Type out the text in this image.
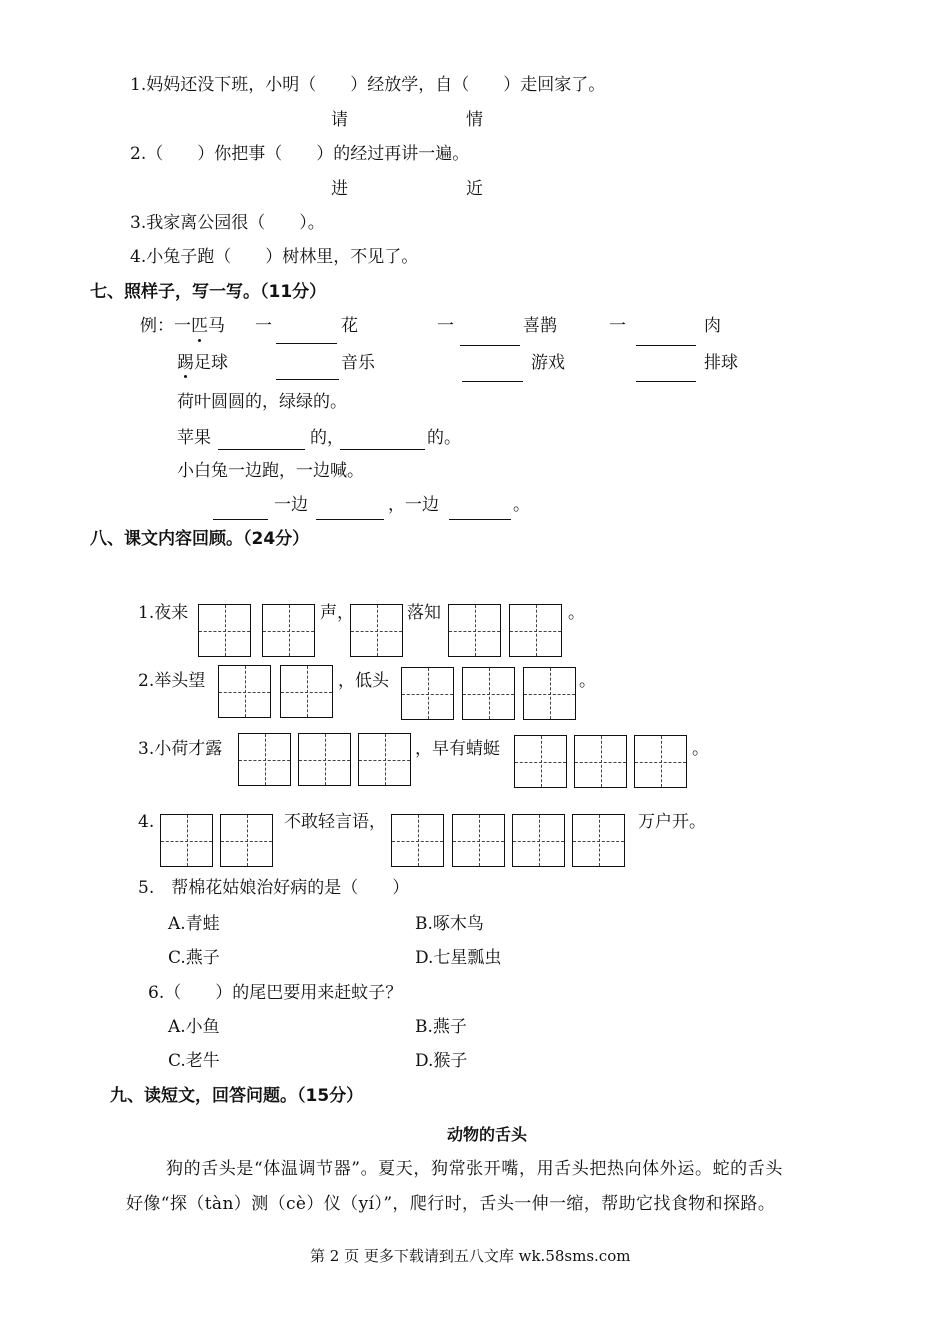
1.妈妈还没下班，小明（　　）经放学，自（　　）走回家了。
请	情
2.（　　）你把事（　　）的经过再讲一遍。
进	近
3.我家离公园很（　　）。
4.小兔子跑（　　）树林里，不见了。
七、照样子，写一写。（11分）
例：一匹马 一	花	一	喜鹊	一	肉
踢足球	音乐	游戏	排球
荷叶圆圆的，绿绿的。
苹果	的，	的。
小白兔一边跑，一边喊。
一边	，一边	。
八、课文内容回顾。（24分）
1.夜来	声，	落知	。
2.举头望	，低头	。
3.小荷才露	，早有蜻蜓	。
4.	不敢轻言语，	万户开。
5.　帮棉花姑娘治好病的是（　　）
A.青蛙	B.啄木鸟
C.燕子	D.七星瓢虫
6.（　　）的尾巴要用来赶蚊子？
A.小鱼	B.燕子
C.老牛	D.猴子
九、读短文，回答问题。（15分）
动物的舌头
狗的舌头是“体温调节器”。夏天，狗常张开嘴，用舌头把热向体外运。蛇的舌头
好像“探（tàn）测（cè）仪（yí）”，爬行时，舌头一伸一缩，帮助它找食物和探路。
第 2 页 更多下载请到五八文库 wk.58sms.com
